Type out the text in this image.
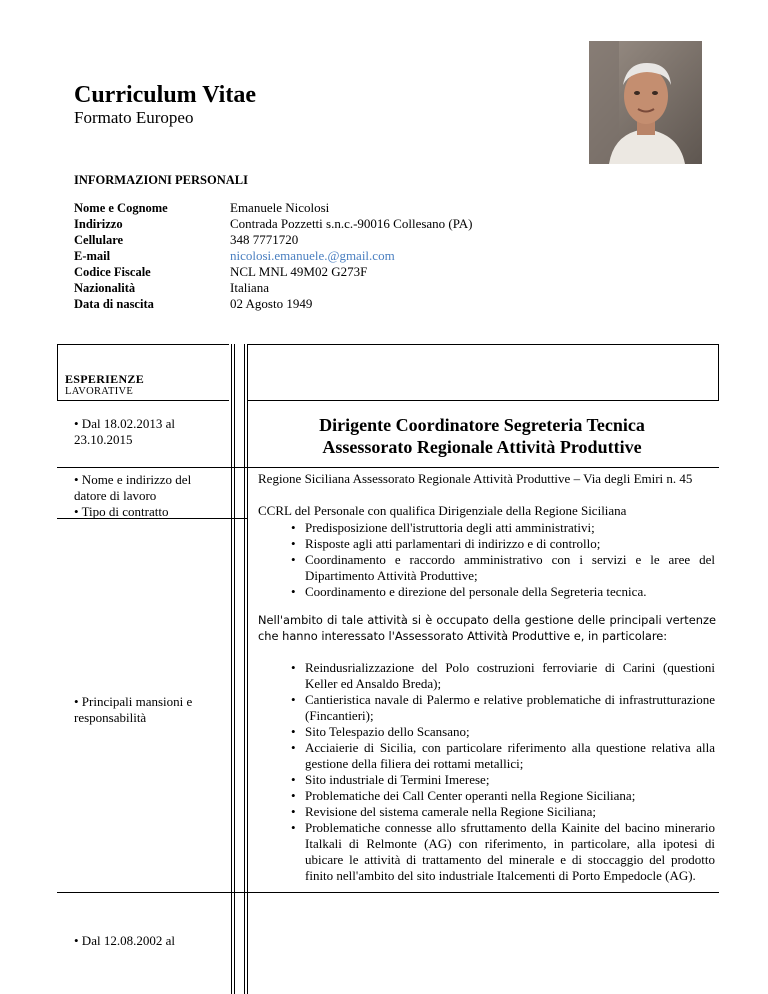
Curriculum Vitae
Formato Europeo
INFORMAZIONI PERSONALI
Nome e Cognome
Indirizzo
Cellulare
E-mail
Codice Fiscale
Nazionalità
Data di nascita
Emanuele Nicolosi
Contrada Pozzetti s.n.c.-90016 Collesano (PA)
348 7771720
nicolosi.emanuele.@gmail.com
NCL MNL 49M02 G273F
Italiana
02 Agosto 1949
ESPERIENZE
LAVORATIVE
• Dal 18.02.2013 al 23.10.2015
Dirigente Coordinatore Segreteria Tecnica
Assessorato Regionale Attività Produttive
• Nome e indirizzo del datore di lavoro
Regione Siciliana Assessorato Regionale Attività Produttive – Via degli Emiri n. 45
• Tipo di contratto	CCRL del Personale con qualifica Dirigenziale della Regione Siciliana
• Principali mansioni e responsabilità
• Predisposizione dell'istruttoria degli atti amministrativi;
• Risposte agli atti parlamentari di indirizzo e di controllo;
• Coordinamento e raccordo amministrativo con i servizi e le aree del Dipartimento Attività Produttive;
• Coordinamento e direzione del personale della Segreteria tecnica.
Nell'ambito di tale attività si è occupato della gestione delle principali vertenze che hanno interessato l'Assessorato Attività Produttive e, in particolare:
• Reindusrializzazione del Polo costruzioni ferroviarie di Carini (questioni Keller ed Ansaldo Breda);
• Cantieristica navale di Palermo e relative problematiche di infrastrutturazione (Fincantieri);
• Sito Telespazio dello Scansano;
• Acciaierie di Sicilia, con particolare riferimento alla questione relativa alla gestione della filiera dei rottami metallici;
• Sito industriale di Termini Imerese;
• Problematiche dei Call Center operanti nella Regione Siciliana;
• Revisione del sistema camerale nella Regione Siciliana;
• Problematiche connesse allo sfruttamento della Kainite del bacino minerario Italkali di Relmonte (AG) con riferimento, in particolare, alla ipotesi di ubicare le attività di trattamento del minerale e di stoccaggio del prodotto finito nell'ambito del sito industriale Italcementi di Porto Empedocle (AG).
• Dal 12.08.2002 al
